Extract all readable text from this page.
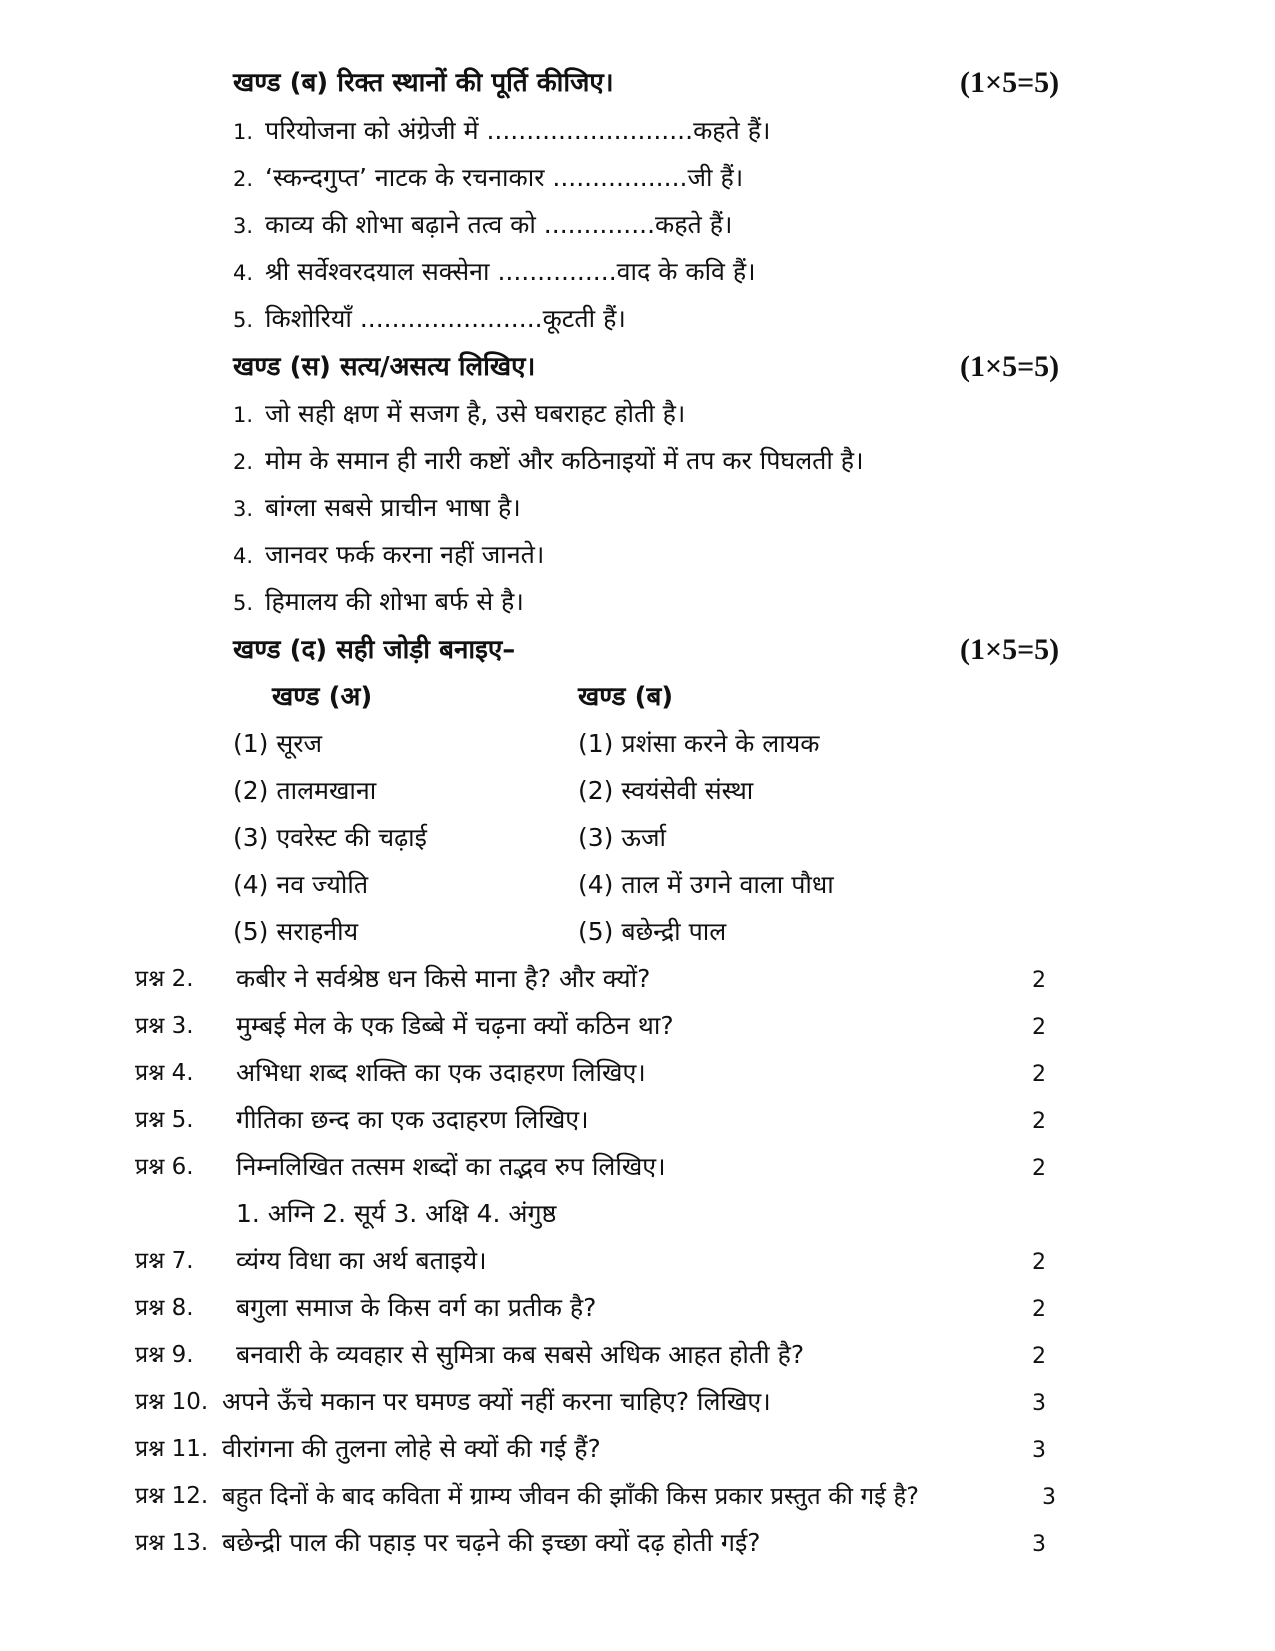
खण्ड (ब) रिक्त स्थानों की पूर्ति कीजिए।	(1×5=5)
1. परियोजना को अंग्रेजी में ..........................कहते हैं।
2. ‘स्कन्दगुप्त’ नाटक के रचनाकार .................जी हैं।
3. काव्य की शोभा बढ़ाने तत्व को ..............कहते हैं।
4. श्री सर्वेश्वरदयाल सक्सेना ...............वाद के कवि हैं।
5. किशोरियाँ .......................कूटती हैं।
खण्ड (स) सत्य/असत्य लिखिए।	(1×5=5)
1. जो सही क्षण में सजग है, उसे घबराहट होती है।
2. मोम के समान ही नारी कष्टों और कठिनाइयों में तप कर पिघलती है।
3. बांग्ला सबसे प्राचीन भाषा है।
4. जानवर फर्क करना नहीं जानते।
5. हिमालय की शोभा बर्फ से है।
खण्ड (द) सही जोड़ी बनाइए–	(1×5=5)
खण्ड (अ)	खण्ड (ब)
(1) सूरज	(1) प्रशंसा करने के लायक
(2) तालमखाना	(2) स्वयंसेवी संस्था
(3) एवरेस्ट की चढ़ाई	(3) ऊर्जा
(4) नव ज्योति	(4) ताल में उगने वाला पौधा
(5) सराहनीय	(5) बछेन्द्री पाल
प्रश्न 2. कबीर ने सर्वश्रेष्ठ धन किसे माना है? और क्यों?	2
प्रश्न 3. मुम्बई मेल के एक डिब्बे में चढ़ना क्यों कठिन था?	2
प्रश्न 4. अभिधा शब्द शक्ति का एक उदाहरण लिखिए।	2
प्रश्न 5. गीतिका छन्द का एक उदाहरण लिखिए।	2
प्रश्न 6. निम्नलिखित तत्सम शब्दों का तद्भव रुप लिखिए।	2
1. अग्नि 2. सूर्य 3. अक्षि 4. अंगुष्ठ
प्रश्न 7. व्यंग्य विधा का अर्थ बताइये।	2
प्रश्न 8. बगुला समाज के किस वर्ग का प्रतीक है?	2
प्रश्न 9. बनवारी के व्यवहार से सुमित्रा कब सबसे अधिक आहत होती है?	2
प्रश्न 10. अपने ऊँचे मकान पर घमण्ड क्यों नहीं करना चाहिए? लिखिए।	3
प्रश्न 11. वीरांगना की तुलना लोहे से क्यों की गई हैं?	3
प्रश्न 12. बहुत दिनों के बाद कविता में ग्राम्य जीवन की झाँकी किस प्रकार प्रस्तुत की गई है?	3
प्रश्न 13. बछेन्द्री पाल की पहाड़ पर चढ़ने की इच्छा क्यों दढ़ होती गई?	3
